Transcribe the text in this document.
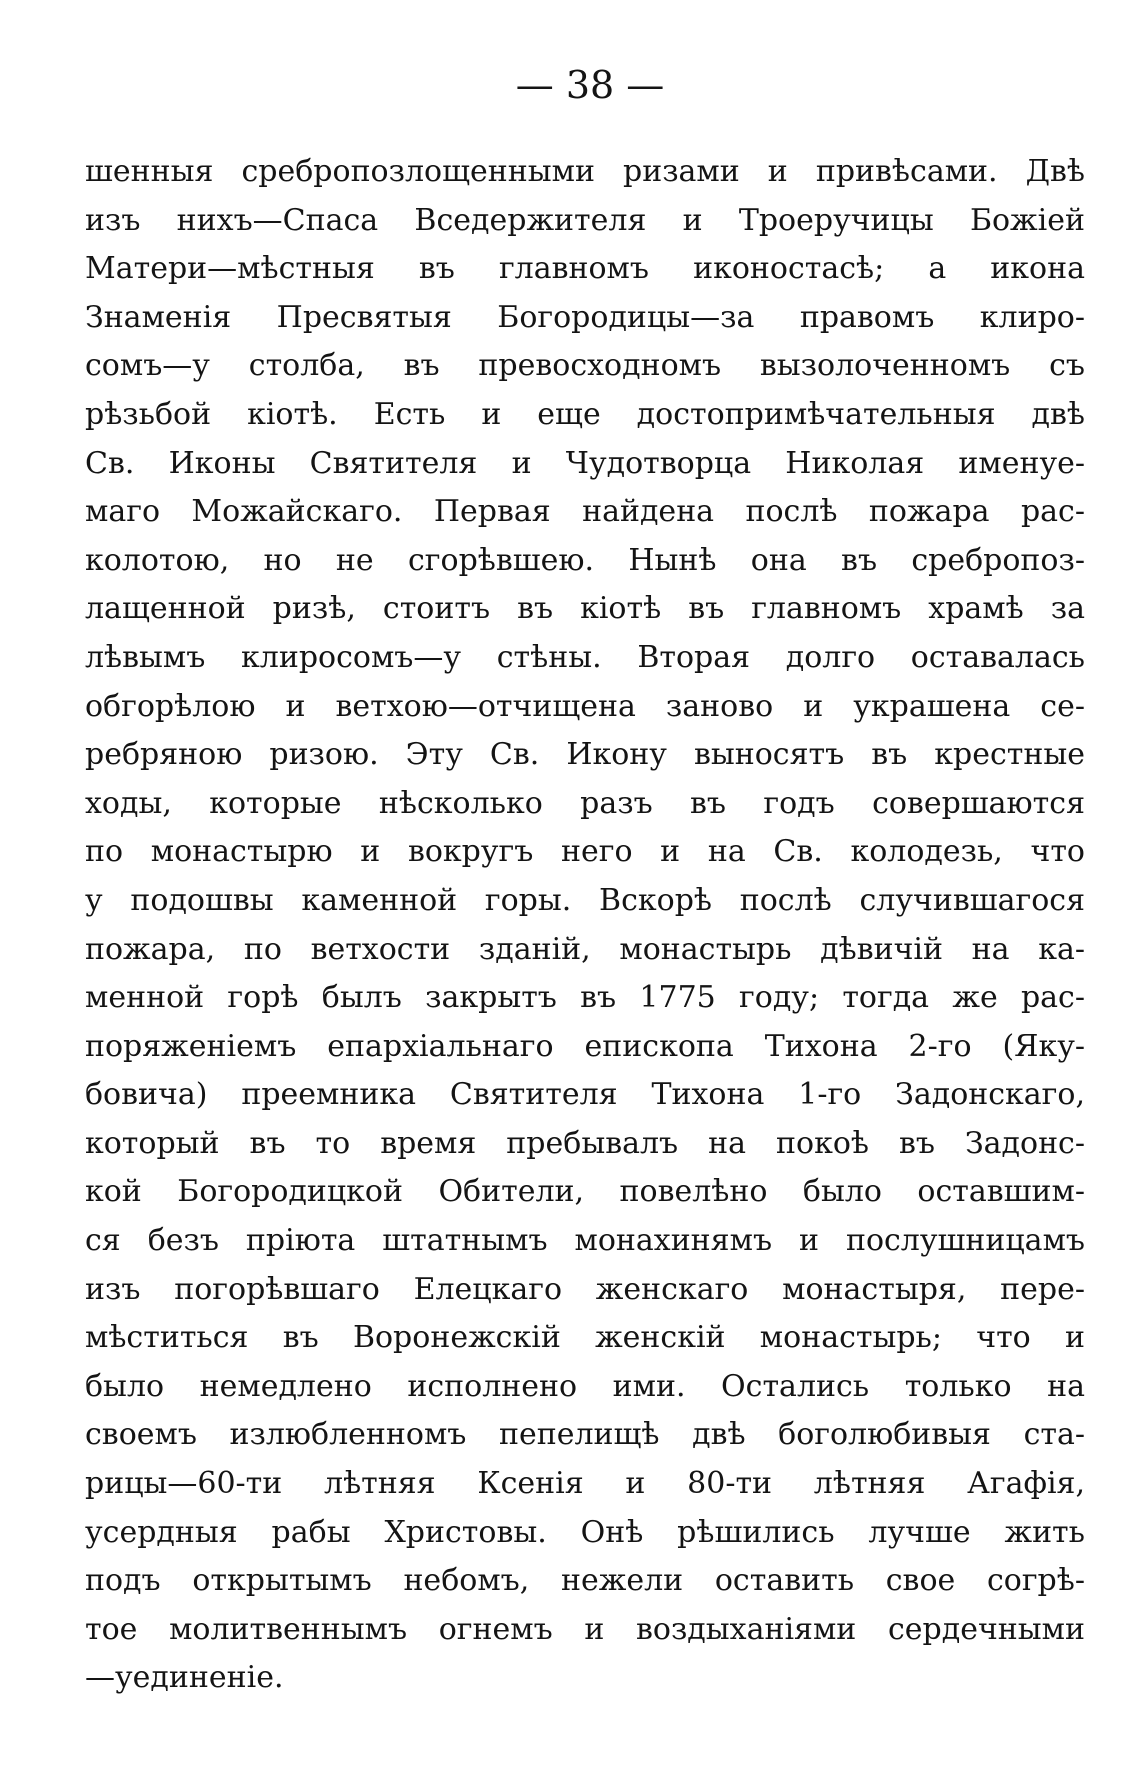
— 38 —
шенныя сребропозлощенными ризами и привѣсами. Двѣ
изъ нихъ—Спаса Вседержителя и Троеручицы Божіей
Матери—мѣстныя въ главномъ иконостасѣ; а икона
Знаменія Пресвятыя Богородицы—за правомъ клиро-
сомъ—у столба, въ превосходномъ вызолоченномъ съ
рѣзьбой кіотѣ. Есть и еще достопримѣчательныя двѣ
Св. Иконы Святителя и Чудотворца Николая именуе-
маго Можайскаго. Первая найдена послѣ пожара рас-
колотою, но не сгорѣвшею. Нынѣ она въ сребропоз-
лащенной ризѣ, стоитъ въ кіотѣ въ главномъ храмѣ за
лѣвымъ клиросомъ—у стѣны. Вторая долго оставалась
обгорѣлою и ветхою—отчищена заново и украшена се-
ребряною ризою. Эту Св. Икону выносятъ въ крестные
ходы, которые нѣсколько разъ въ годъ совершаются
по монастырю и вокругъ него и на Св. колодезь, что
у подошвы каменной горы. Вскорѣ послѣ случившагося
пожара, по ветхости зданій, монастырь дѣвичій на ка-
менной горѣ былъ закрытъ въ 1775 году; тогда же рас-
поряженіемъ епархіальнаго епископа Тихона 2-го (Яку-
бовича) преемника Святителя Тихона 1-го Задонскаго,
который въ то время пребывалъ на покоѣ въ Задонс-
кой Богородицкой Обители, повелѣно было оставшим-
ся безъ пріюта штатнымъ монахинямъ и послушницамъ
изъ погорѣвшаго Елецкаго женскаго монастыря, пере-
мѣститься въ Воронежскій женскій монастырь; что и
было немедлено исполнено ими. Остались только на
своемъ излюбленномъ пепелищѣ двѣ боголюбивыя ста-
рицы—60-ти лѣтняя Ксенія и 80-ти лѣтняя Агафія,
усердныя рабы Христовы. Онѣ рѣшились лучше жить
подъ открытымъ небомъ, нежели оставить свое согрѣ-
тое молитвеннымъ огнемъ и воздыханіями сердечными
—уединеніе.
